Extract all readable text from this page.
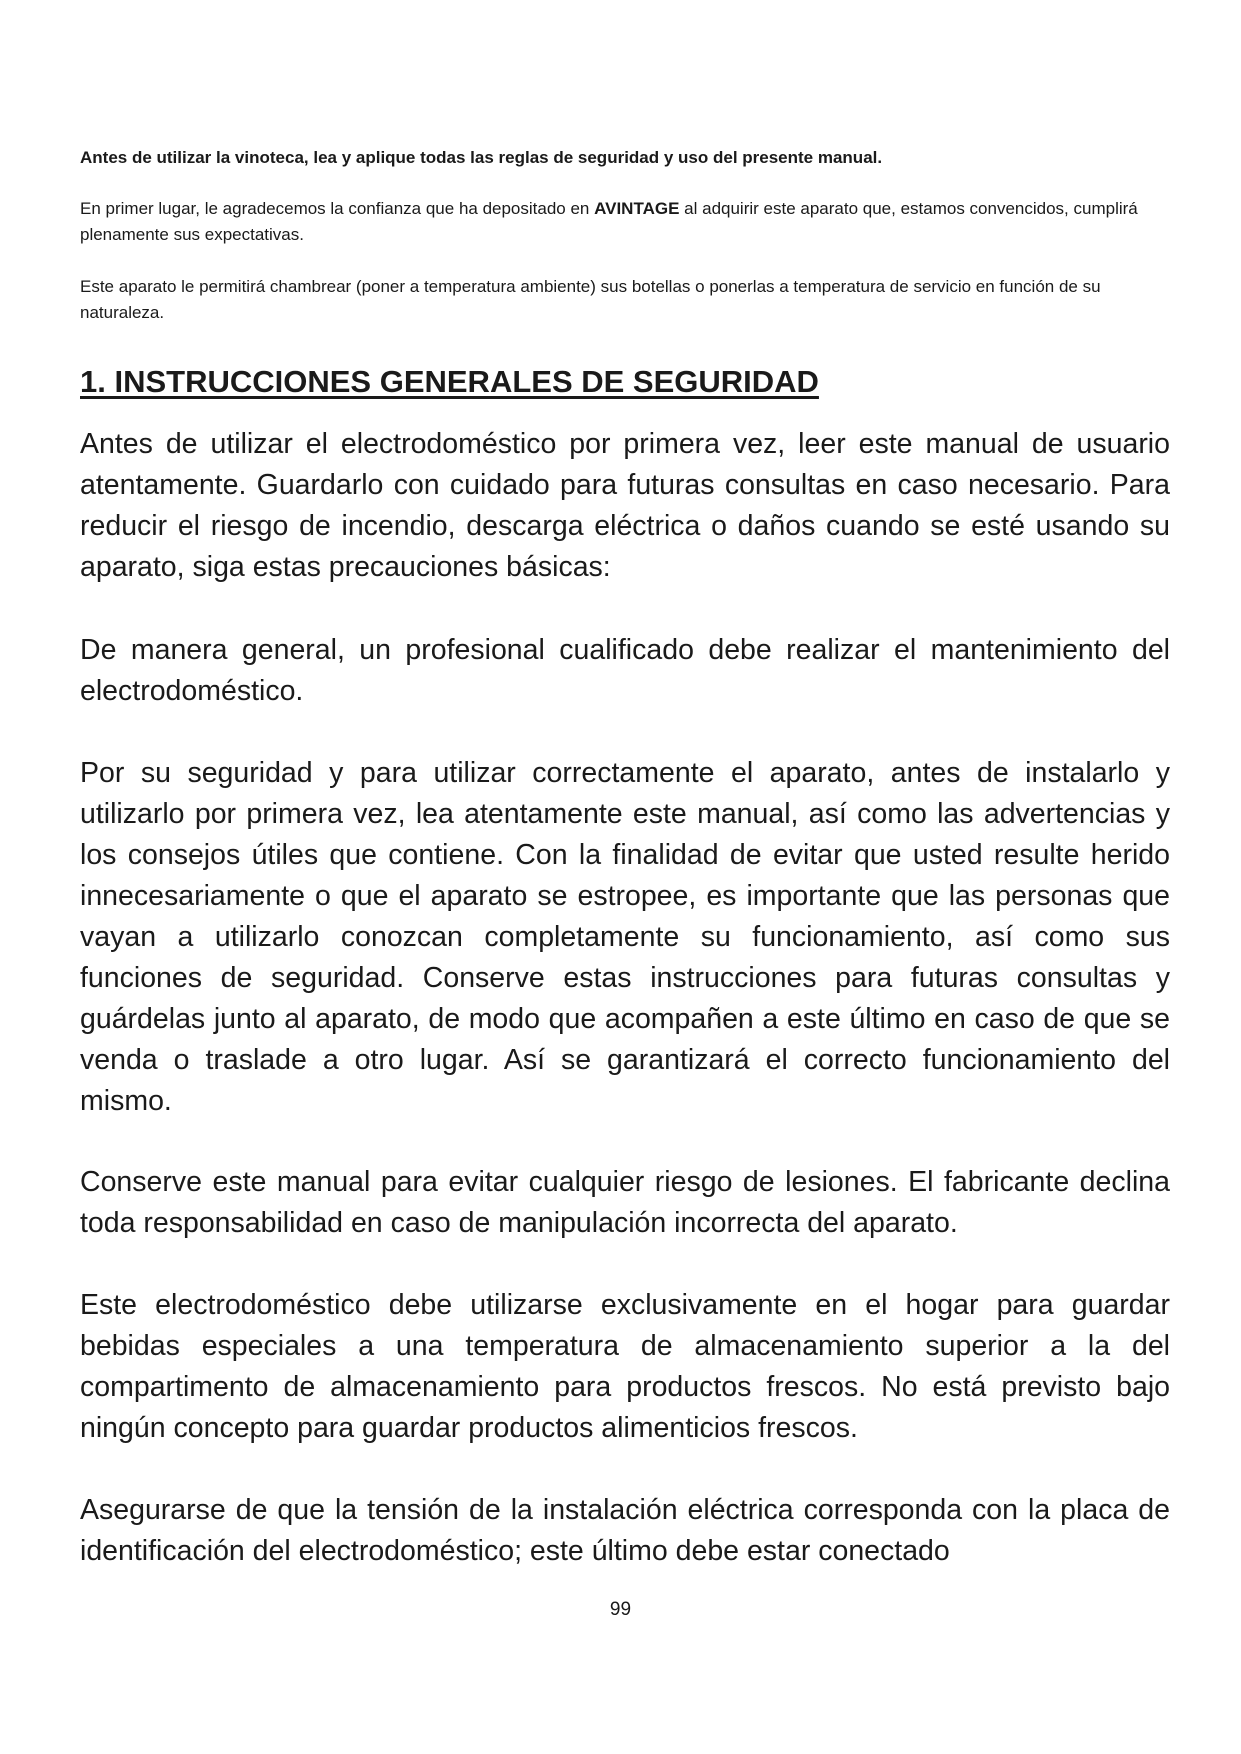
Antes de utilizar la vinoteca, lea y aplique todas las reglas de seguridad y uso del presente manual.

En primer lugar, le agradecemos la confianza que ha depositado en AVINTAGE al adquirir este aparato que, estamos convencidos, cumplirá plenamente sus expectativas.

Este aparato le permitirá chambrear (poner a temperatura ambiente) sus botellas o ponerlas a temperatura de servicio en función de su naturaleza.

1. INSTRUCCIONES GENERALES DE SEGURIDAD

Antes de utilizar el electrodoméstico por primera vez, leer este manual de usuario atentamente. Guardarlo con cuidado para futuras consultas en caso necesario. Para reducir el riesgo de incendio, descarga eléctrica o daños cuando se esté usando su aparato, siga estas precauciones básicas:

De manera general, un profesional cualificado debe realizar el mantenimiento del electrodoméstico.

Por su seguridad y para utilizar correctamente el aparato, antes de instalarlo y utilizarlo por primera vez, lea atentamente este manual, así como las advertencias y los consejos útiles que contiene. Con la finalidad de evitar que usted resulte herido innecesariamente o que el aparato se estropee, es importante que las personas que vayan a utilizarlo conozcan completamente su funcionamiento, así como sus funciones de seguridad. Conserve estas instrucciones para futuras consultas y guárdelas junto al aparato, de modo que acompañen a este último en caso de que se venda o traslade a otro lugar. Así se garantizará el correcto funcionamiento del mismo.

Conserve este manual para evitar cualquier riesgo de lesiones. El fabricante declina toda responsabilidad en caso de manipulación incorrecta del aparato.

Este electrodoméstico debe utilizarse exclusivamente en el hogar para guardar bebidas especiales a una temperatura de almacenamiento superior a la del compartimento de almacenamiento para productos frescos. No está previsto bajo ningún concepto para guardar productos alimenticios frescos.

Asegurarse de que la tensión de la instalación eléctrica corresponda con la placa de identificación del electrodoméstico; este último debe estar conectado

99
